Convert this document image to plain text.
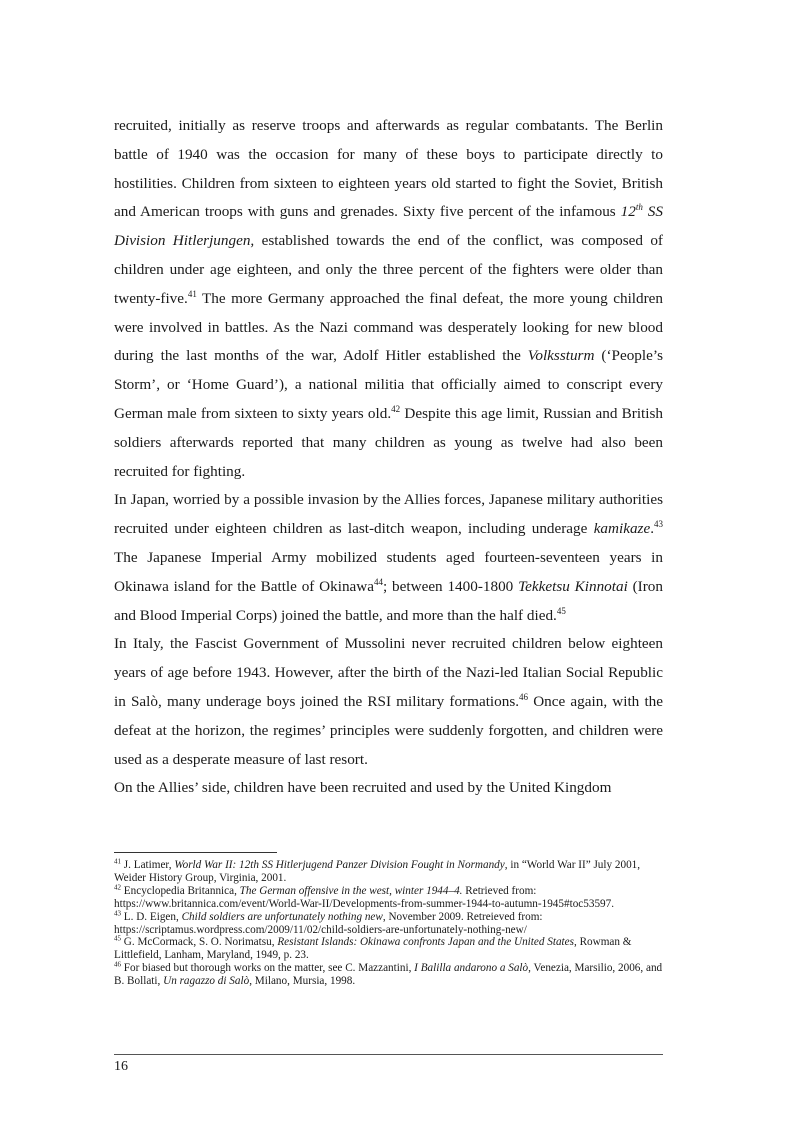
recruited, initially as reserve troops and afterwards as regular combatants. The Berlin battle of 1940 was the occasion for many of these boys to participate directly to hostilities. Children from sixteen to eighteen years old started to fight the Soviet, British and American troops with guns and grenades. Sixty five percent of the infamous 12th SS Division Hitlerjungen, established towards the end of the conflict, was composed of children under age eighteen, and only the three percent of the fighters were older than twenty-five.$^{41}$ The more Germany approached the final defeat, the more young children were involved in battles. As the Nazi command was desperately looking for new blood during the last months of the war, Adolf Hitler established the Volkssturm (‘People’s Storm’, or ‘Home Guard’), a national militia that officially aimed to conscript every German male from sixteen to sixty years old.$^{42}$ Despite this age limit, Russian and British soldiers afterwards reported that many children as young as twelve had also been recruited for fighting.

In Japan, worried by a possible invasion by the Allies forces, Japanese military authorities recruited under eighteen children as last-ditch weapon, including underage kamikaze.$^{43}$ The Japanese Imperial Army mobilized students aged fourteen-seventeen years in Okinawa island for the Battle of Okinawa$^{44}$; between 1400-1800 Tekketsu Kinnotai (Iron and Blood Imperial Corps) joined the battle, and more than the half died.$^{45}$

In Italy, the Fascist Government of Mussolini never recruited children below eighteen years of age before 1943. However, after the birth of the Nazi-led Italian Social Republic in Salò, many underage boys joined the RSI military formations.$^{46}$ Once again, with the defeat at the horizon, the regimes’ principles were suddenly forgotten, and children were used as a desperate measure of last resort.

On the Allies’ side, children have been recruited and used by the United Kingdom

$^{41}$ J. Latimer, World War II: 12th SS Hitlerjugend Panzer Division Fought in Normandy, in “World War II” July 2001, Weider History Group, Virginia, 2001.

$^{42}$ Encyclopedia Britannica, The German offensive in the west, winter 1944–4. Retrieved from: https://www.britannica.com/event/World-War-II/Developments-from-summer-1944-to-autumn-1945#toc53597.

$^{43}$ L. D. Eigen, Child soldiers are unfortunately nothing new, November 2009. Retreieved from: https://scriptamus.wordpress.com/2009/11/02/child-soldiers-are-unfortunately-nothing-new/

$^{45}$ G. McCormack, S. O. Norimatsu, Resistant Islands: Okinawa confronts Japan and the United States, Rowman & Littlefield, Lanham, Maryland, 1949, p. 23.

$^{46}$ For biased but thorough works on the matter, see C. Mazzantini, I Balilla andarono a Salò, Venezia, Marsilio, 2006, and B. Bollati, Un ragazzo di Salò, Milano, Mursia, 1998.

16
